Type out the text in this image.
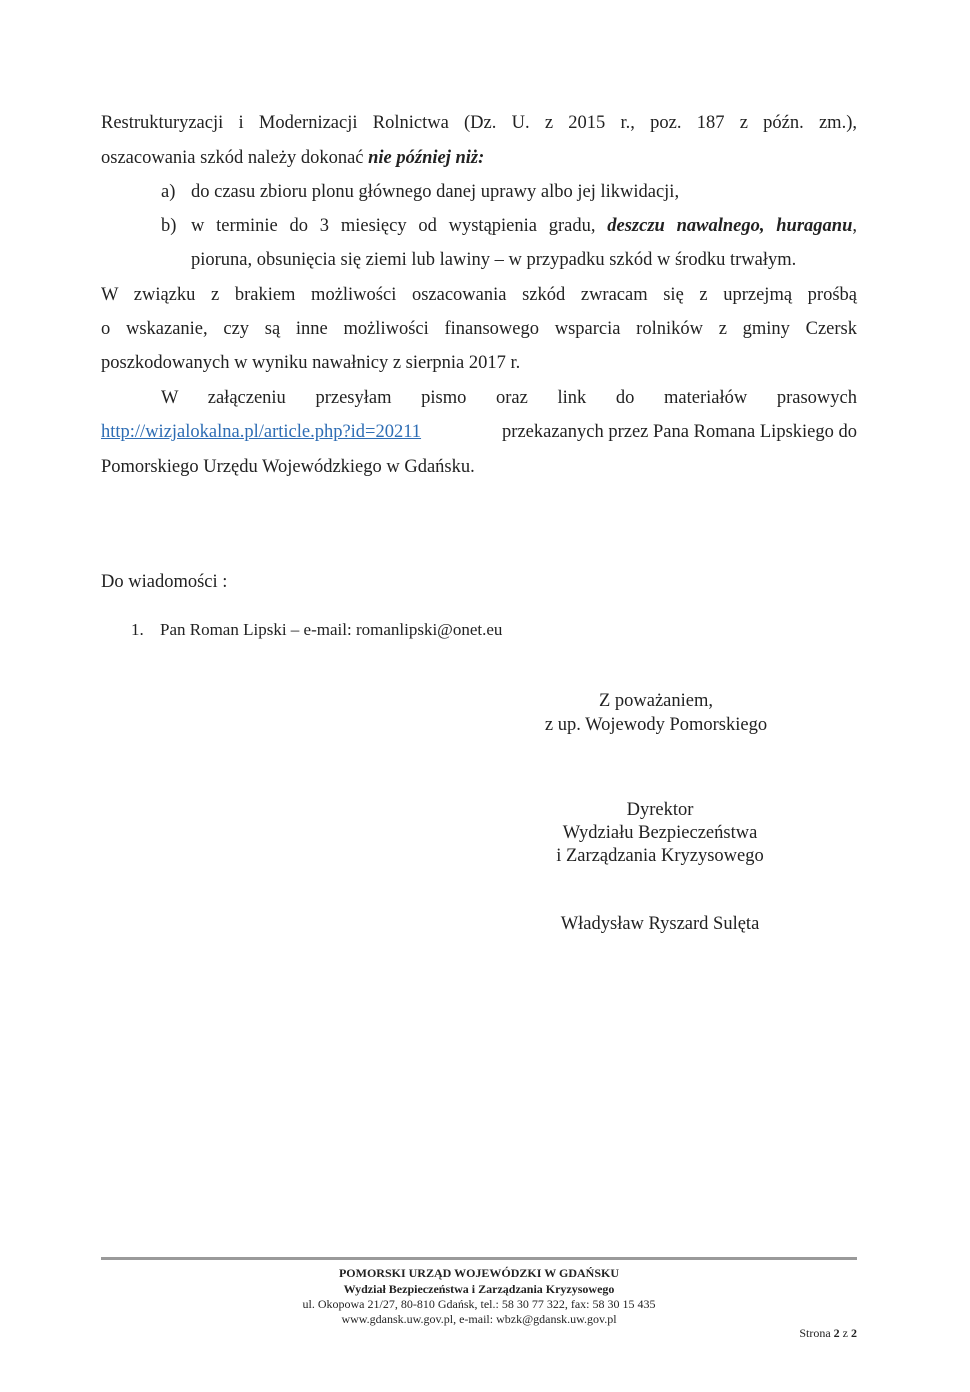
Restrukturyzacji i Modernizacji Rolnictwa (Dz. U. z 2015 r., poz. 187 z późn. zm.),
oszacowania szkód należy dokonać nie później niż:
a) do czasu zbioru plonu głównego danej uprawy albo jej likwidacji,
b) w terminie do 3 miesięcy od wystąpienia gradu, deszczu nawalnego, huraganu,
pioruna, obsunięcia się ziemi lub lawiny – w przypadku szkód w środku trwałym.
W związku z brakiem możliwości oszacowania szkód zwracam się z uprzejmą prośbą
o wskazanie, czy są inne możliwości finansowego wsparcia rolników z gminy Czersk
poszkodowanych w wyniku nawałnicy z sierpnia 2017 r.
W załączeniu przesyłam pismo oraz link do materiałów prasowych
http://wizjalokalna.pl/article.php?id=20211	przekazanych przez Pana Romana Lipskiego do
Pomorskiego Urzędu Wojewódzkiego w Gdańsku.
Do wiadomości :
1. Pan Roman Lipski – e-mail: romanlipski@onet.eu
Z poważaniem,
z up. Wojewody Pomorskiego
Dyrektor
Wydziału Bezpieczeństwa
i Zarządzania Kryzysowego
Władysław Ryszard Sulęta
POMORSKI URZĄD WOJEWÓDZKI W GDAŃSKU
Wydział Bezpieczeństwa i Zarządzania Kryzysowego
ul. Okopowa 21/27, 80-810 Gdańsk, tel.: 58 30 77 322, fax: 58 30 15 435
www.gdansk.uw.gov.pl, e-mail: wbzk@gdansk.uw.gov.pl
Strona 2 z 2
